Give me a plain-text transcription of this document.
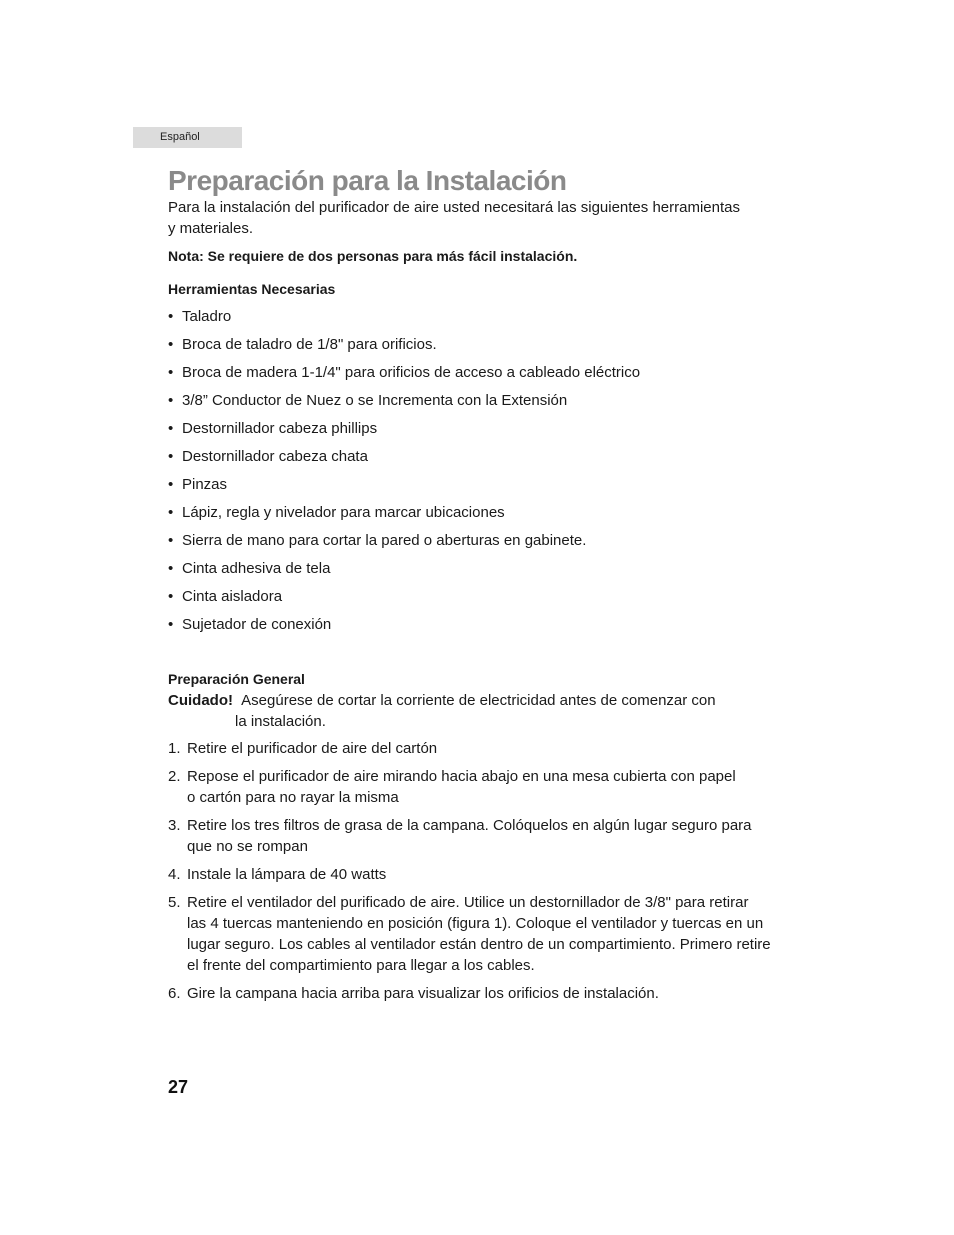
Español
Preparación para la Instalación
Para la instalación del purificador de aire usted necesitará las siguientes herramientas
y materiales.
Nota: Se requiere de dos personas para más fácil instalación.
Herramientas Necesarias
• Taladro
• Broca de taladro de 1/8" para orificios.
• Broca de madera 1-1/4" para orificios de acceso a cableado eléctrico
• 3/8” Conductor de Nuez o se Incrementa con la Extensión
• Destornillador cabeza phillips
• Destornillador cabeza chata
• Pinzas
• Lápiz, regla y nivelador para marcar ubicaciones
• Sierra de mano para cortar la pared o aberturas en gabinete.
• Cinta adhesiva de tela
• Cinta aisladora
• Sujetador de conexión
Preparación General
Cuidado! Asegúrese de cortar la corriente de electricidad antes de comenzar con
la instalación.
1. Retire el purificador de aire del cartón
2. Repose el purificador de aire mirando hacia abajo en una mesa cubierta con papel
o cartón para no rayar la misma
3. Retire los tres filtros de grasa de la campana. Colóquelos en algún lugar seguro para
que no se rompan
4. Instale la lámpara de 40 watts
5. Retire el ventilador del purificado de aire. Utilice un destornillador de 3/8" para retirar
las 4 tuercas manteniendo en posición (figura 1). Coloque el ventilador y tuercas en un
lugar seguro. Los cables al ventilador están dentro de un compartimiento. Primero retire
el frente del compartimiento para llegar a los cables.
6. Gire la campana hacia arriba para visualizar los orificios de instalación.
27
